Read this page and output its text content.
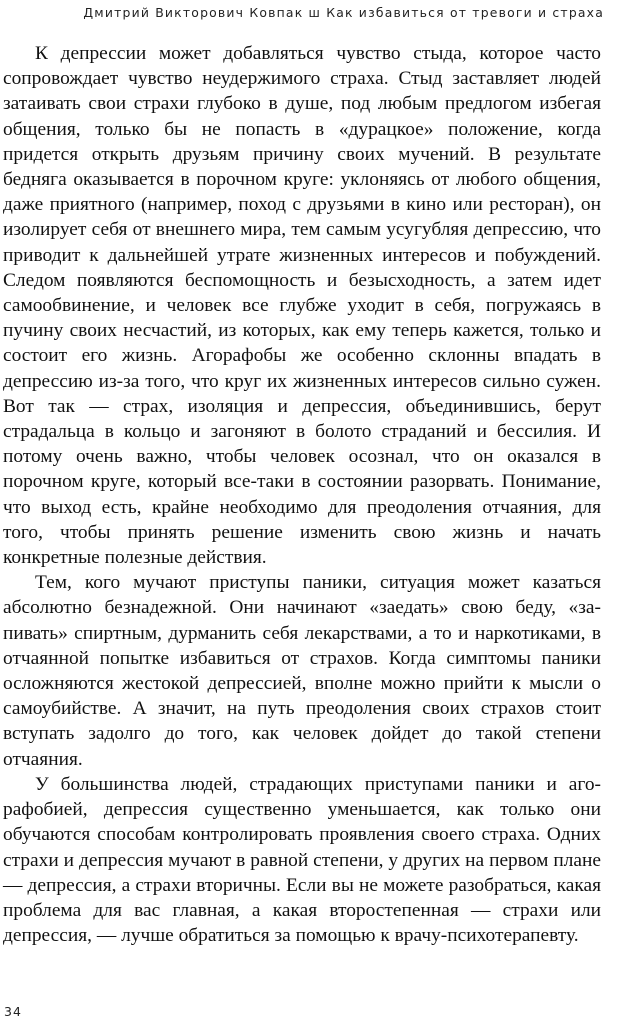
Дмитрий Викторович Ковпак ш Как избавиться от тревоги и страха

К депрессии может добавляться чувство стыда, которое часто сопровождает чувство неудержимого страха. Стыд заставляет людей затаивать свои страхи глубоко в душе, под любым предлогом избегая общения, только бы не попасть в «дурацкое» положение, когда придется открыть друзьям причину своих мучений. В результате бедняга оказывается в порочном круге: уклоняясь от любого общения, даже приятного (например, поход с друзьями в кино или ресторан), он изолирует себя от внешнего мира, тем самым усугубляя депрессию, что приводит к дальнейшей утрате жизненных интересов и побуждений. Следом появляются беспомощность и безысходность, а затем идет самообвинение, и человек все глубже уходит в себя, погружаясь в пучину своих несчастий, из которых, как ему теперь кажется, только и состоит его жизнь. Агорафобы же особенно склонны впадать в депрессию из-за того, что круг их жизненных интересов сильно сужен. Вот так — страх, изоляция и депрессия, объединившись, берут страдальца в кольцо и загоняют в болото страданий и бессилия. И потому очень важно, чтобы человек осознал, что он оказался в порочном круге, который все-таки в состоянии разорвать. Понимание, что выход есть, крайне необходимо для преодоления отчаяния, для того, чтобы принять решение изменить свою жизнь и начать конкретные полезные действия.

Тем, кого мучают приступы паники, ситуация может казаться абсолютно безнадежной. Они начинают «заедать» свою беду, «запивать» спиртным, дурманить себя лекарствами, а то и наркотиками, в отчаянной попытке избавиться от страхов. Когда симптомы паники осложняются жестокой депрессией, вполне можно прийти к мысли о самоубийстве. А значит, на путь преодоления своих страхов стоит вступать задолго до того, как человек дойдет до такой степени отчаяния.

У большинства людей, страдающих приступами паники и агорафобией, депрессия существенно уменьшается, как только они обучаются способам контролировать проявления своего страха. Одних страхи и депрессия мучают в равной степени, у других на первом плане — депрессия, а страхи вторичны. Если вы не можете разобраться, какая проблема для вас главная, а какая второстепенная — страхи или депрессия, — лучше обратиться за помощью к врачу-психотерапевту.

34
